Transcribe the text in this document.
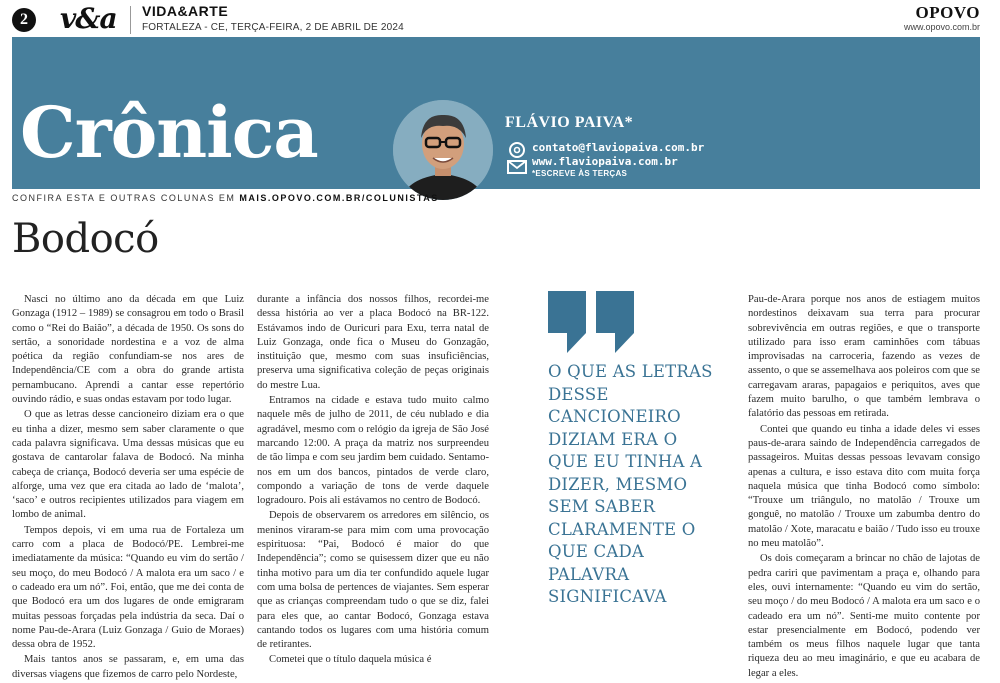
2 v&a VIDA&ARTE
FORTALEZA - CE, TERÇA-FEIRA, 2 DE ABRIL DE 2024
OPOVO
www.opovo.com.br
Crônica	FLÁVIO PAIVA*
contato@flaviopaiva.com.br
www.flaviopaiva.com.br
*ESCREVE ÀS TERÇAS
CONFIRA ESTA E OUTRAS COLUNAS EM MAIS.OPOVO.COM.BR/COLUNISTAS
Bodocó

Nasci no último ano da década em que Luiz Gonzaga (1912 – 1989) se consagrou em todo o Brasil como o “Rei do Baião”, a década de 1950. Os sons do sertão, a sonoridade nordestina e a voz de alma poética da região confundiam-se nos ares de Independência/CE com a obra do grande artista pernambucano. Aprendi a cantar esse repertório ouvindo rádio, e suas ondas estavam por todo lugar.

O que as letras desse cancioneiro diziam era o que eu tinha a dizer, mesmo sem saber claramente o que cada palavra significava. Uma dessas músicas que eu gostava de cantarolar falava de Bodocó. Na minha cabeça de criança, Bodocó deveria ser uma espécie de alforge, uma vez que era citada ao lado de ‘malota’, ‘saco’ e outros recipientes utilizados para viagem em lombo de animal.

Tempos depois, vi em uma rua de Fortaleza um carro com a placa de Bodocó/PE. Lembrei-me imediatamente da música: “Quando eu vim do sertão / seu moço, do meu Bodocó / A malota era um saco / e o cadeado era um nó”. Foi, então, que me dei conta de que Bodocó era um dos lugares de onde emigraram muitas pessoas forçadas pela indústria da seca. Daí o nome Pau-de-Arara (Luiz Gonzaga / Guio de Moraes) dessa obra de 1952.

Mais tantos anos se passaram, e, em uma das diversas viagens que fizemos de carro pelo Nordeste,

durante a infância dos nossos filhos, recordei-me dessa história ao ver a placa Bodocó na BR-122. Estávamos indo de Ouricuri para Exu, terra natal de Luiz Gonzaga, onde fica o Museu do Gonzagão, instituição que, mesmo com suas insuficiências, preserva uma significativa coleção de peças originais do mestre Lua.

Entramos na cidade e estava tudo muito calmo naquele mês de julho de 2011, de céu nublado e dia agradável, mesmo com o relógio da igreja de São José marcando 12:00. A praça da matriz nos surpreendeu de tão limpa e com seu jardim bem cuidado. Sentamo-nos em um dos bancos, pintados de verde claro, compondo a variação de tons de verde daquele logradouro. Pois ali estávamos no centro de Bodocó.

Depois de observarem os arredores em silêncio, os meninos viraram-se para mim com uma provocação espirituosa: “Pai, Bodocó é maior do que Independência”; como se quisessem dizer que eu não tinha motivo para um dia ter confundido aquele lugar com uma bolsa de pertences de viajantes. Sem esperar que as crianças compreendam tudo o que se diz, falei para eles que, ao cantar Bodocó, Gonzaga estava cantando todos os lugares com uma história comum de retirantes.

Cometei que o título daquela música é

O QUE AS LETRAS DESSE CANCIONEIRO DIZIAM ERA O QUE EU TINHA A DIZER, MESMO SEM SABER CLARAMENTE O QUE CADA PALAVRA SIGNIFICAVA

Pau-de-Arara porque nos anos de estiagem muitos nordestinos deixavam sua terra para procurar sobrevivência em outras regiões, e que o transporte utilizado para isso eram caminhões com tábuas improvisadas na carroceria, fazendo as vezes de assento, o que se assemelhava aos poleiros com que se carregavam araras, papagaios e periquitos, aves que fazem muito barulho, o que também lembrava o falatório das pessoas em retirada.

Contei que quando eu tinha a idade deles vi esses paus-de-arara saindo de Independência carregados de passageiros. Muitas dessas pessoas levavam consigo apenas a cultura, e isso estava dito com muita força naquela música que tinha Bodocó como símbolo: “Trouxe um triângulo, no matolão / Trouxe um gonguê, no matolão / Trouxe um zabumba dentro do matolão / Xote, maracatu e baião / Tudo isso eu trouxe no meu matolão”.

Os dois começaram a brincar no chão de lajotas de pedra cariri que pavimentam a praça e, olhando para eles, ouvi internamente: “Quando eu vim do sertão, seu moço / do meu Bodocó / A malota era um saco e o cadeado era um nó”. Senti-me muito contente por estar presencialmente em Bodocó, podendo ver também os meus filhos naquele lugar que tanta riqueza deu ao meu imaginário, e que eu acabara de legar a eles.
